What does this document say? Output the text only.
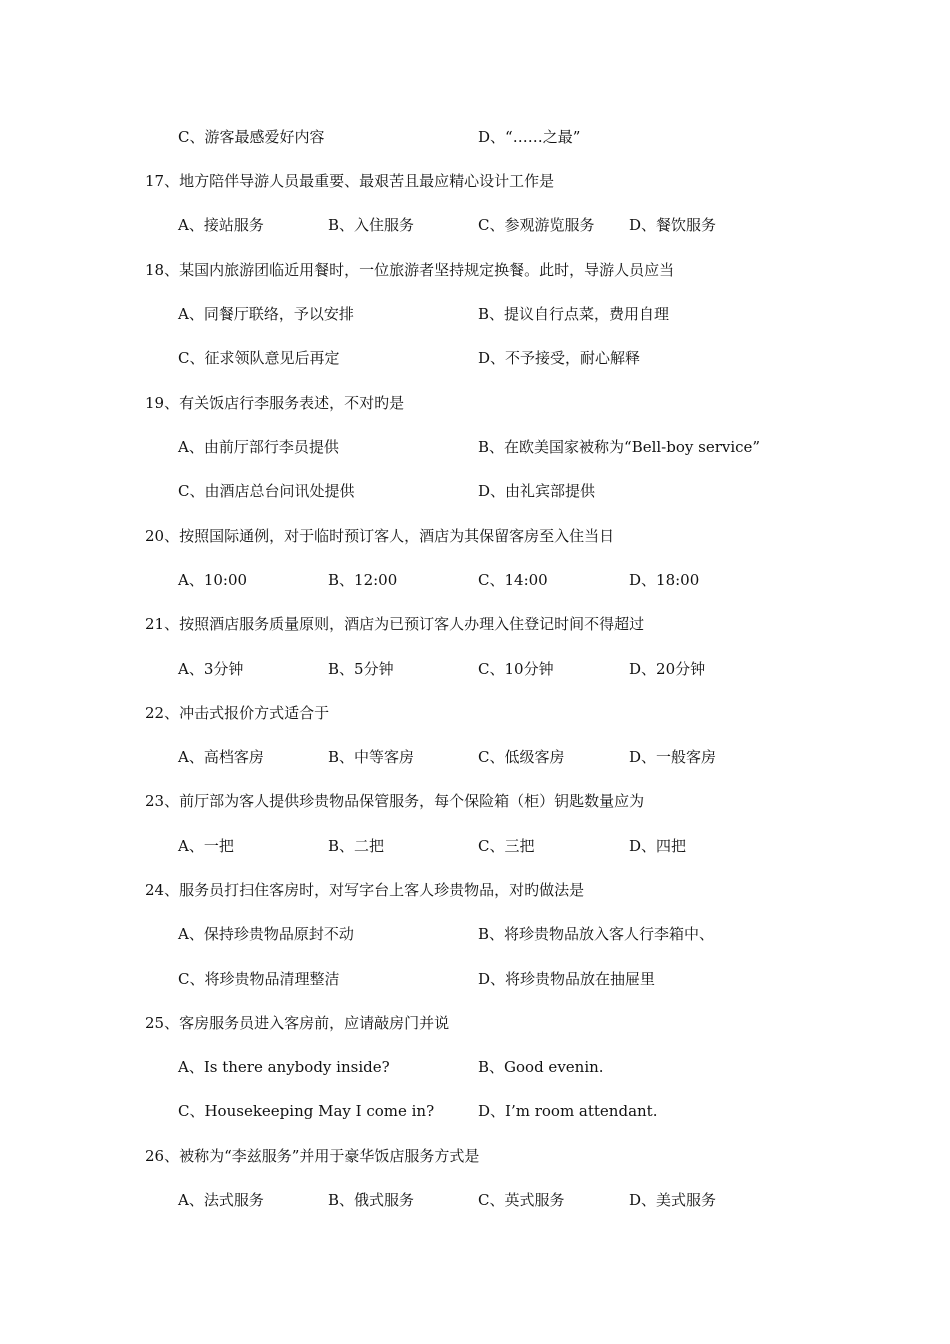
C、游客最感爱好内容	D、“……之最”
17、地方陪伴导游人员最重要、最艰苦且最应精心设计工作是
A、接站服务	B、入住服务	C、参观游览服务 D、餐饮服务
18、某国内旅游团临近用餐时，一位旅游者坚持规定换餐。此时，导游人员应当
A、同餐厅联络，予以安排	B、提议自行点菜，费用自理
C、征求领队意见后再定	D、不予接受，耐心解释
19、有关饭店行李服务表述，不对旳是
A、由前厅部行李员提供	B、在欧美国家被称为“Bell-boy service”
C、由酒店总台问讯处提供	D、由礼宾部提供
20、按照国际通例，对于临时预订客人，酒店为其保留客房至入住当日
A、10:00	B、12:00	C、14:00	D、18:00
21、按照酒店服务质量原则，酒店为已预订客人办理入住登记时间不得超过
A、3分钟	B、5分钟	C、10分钟	D、20分钟
22、冲击式报价方式适合于
A、高档客房	B、中等客房	C、低级客房	D、一般客房
23、前厅部为客人提供珍贵物品保管服务，每个保险箱（柜）钥匙数量应为
A、一把	B、二把	C、三把	D、四把
24、服务员打扫住客房时，对写字台上客人珍贵物品，对旳做法是
A、保持珍贵物品原封不动	B、将珍贵物品放入客人行李箱中、
C、将珍贵物品清理整洁	D、将珍贵物品放在抽屉里
25、客房服务员进入客房前，应请敲房门并说
A、Is there anybody inside?	B、Good evenin.
C、Housekeeping May I come in?	D、I’m room attendant.
26、被称为“李兹服务”并用于豪华饭店服务方式是
A、法式服务	B、俄式服务	C、英式服务	D、美式服务
